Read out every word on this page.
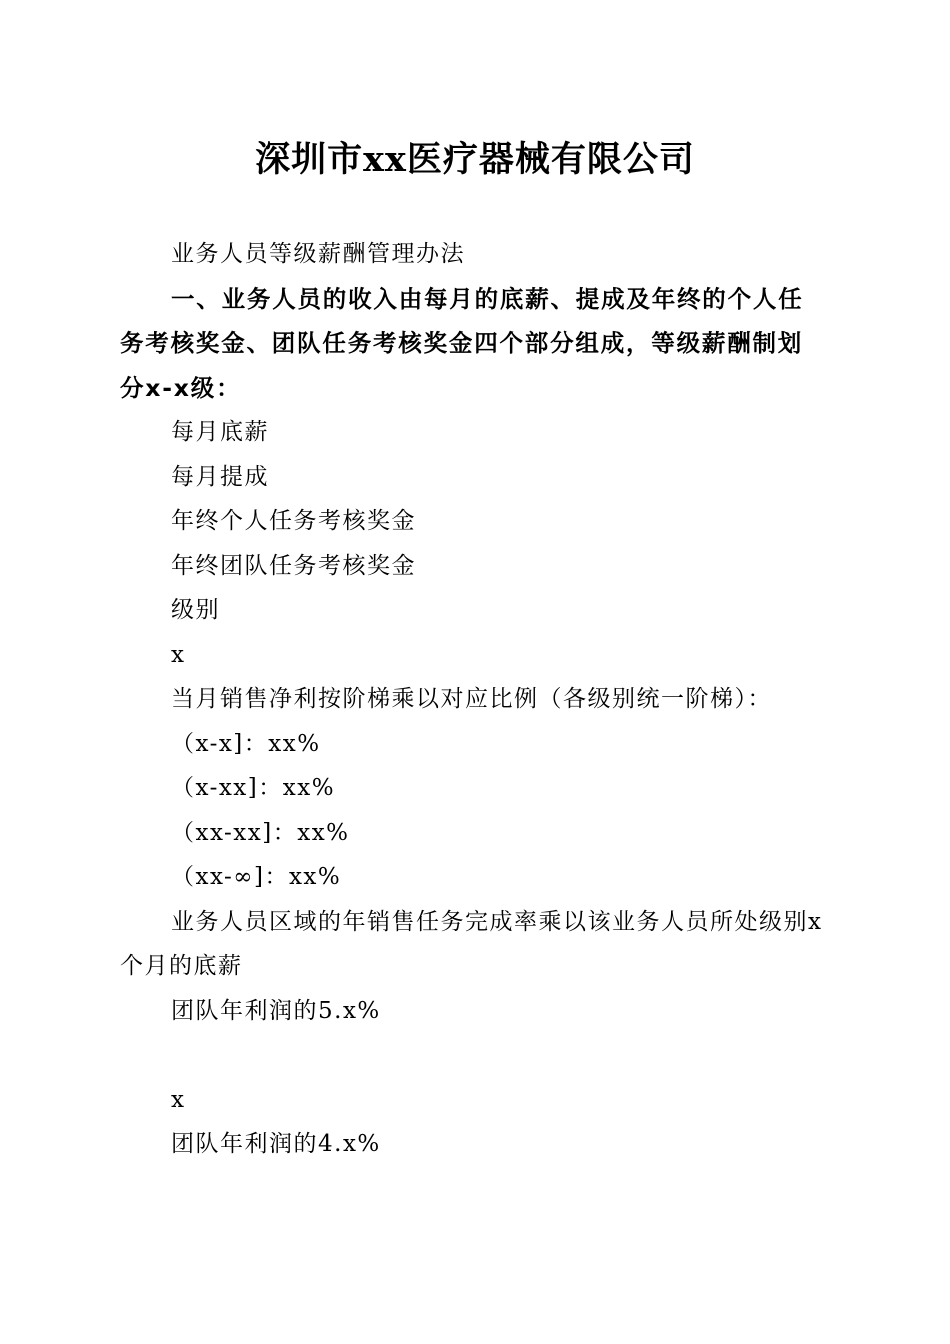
深圳市xx医疗器械有限公司

业务人员等级薪酬管理办法

一、业务人员的收入由每月的底薪、提成及年终的个人任务考核奖金、团队任务考核奖金四个部分组成，等级薪酬制划分x-x级：

每月底薪

每月提成

年终个人任务考核奖金

年终团队任务考核奖金

级别

x

当月销售净利按阶梯乘以对应比例（各级别统一阶梯）：

（x-x]：xx%

（x-xx]：xx%

（xx-xx]：xx%

（xx-∞]：xx%

业务人员区域的年销售任务完成率乘以该业务人员所处级别x个月的底薪

团队年利润的5.x%

x

团队年利润的4.x%
